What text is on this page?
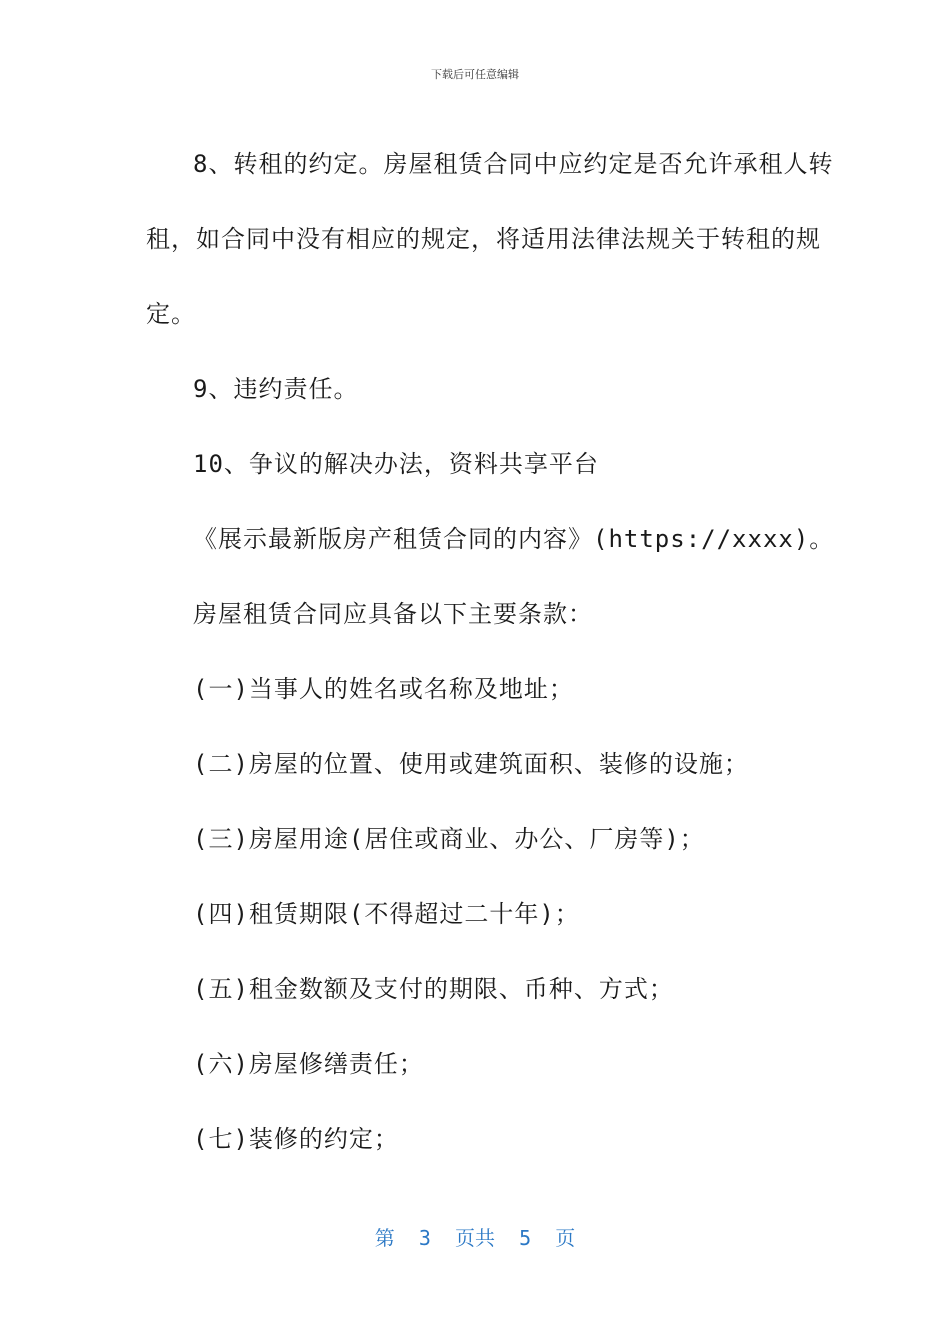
下载后可任意编辑

8、转租的约定。房屋租赁合同中应约定是否允许承租人转

租，如合同中没有相应的规定，将适用法律法规关于转租的规

定。

9、违约责任。

10、争议的解决办法，资料共享平台

《展示最新版房产租赁合同的内容》(https://xxxx)。

房屋租赁合同应具备以下主要条款：

(一)当事人的姓名或名称及地址；

(二)房屋的位置、使用或建筑面积、装修的设施；

(三)房屋用途(居住或商业、办公、厂房等)；

(四)租赁期限(不得超过二十年)；

(五)租金数额及支付的期限、币种、方式；

(六)房屋修缮责任；

(七)装修的约定；

第  3  页共  5  页
